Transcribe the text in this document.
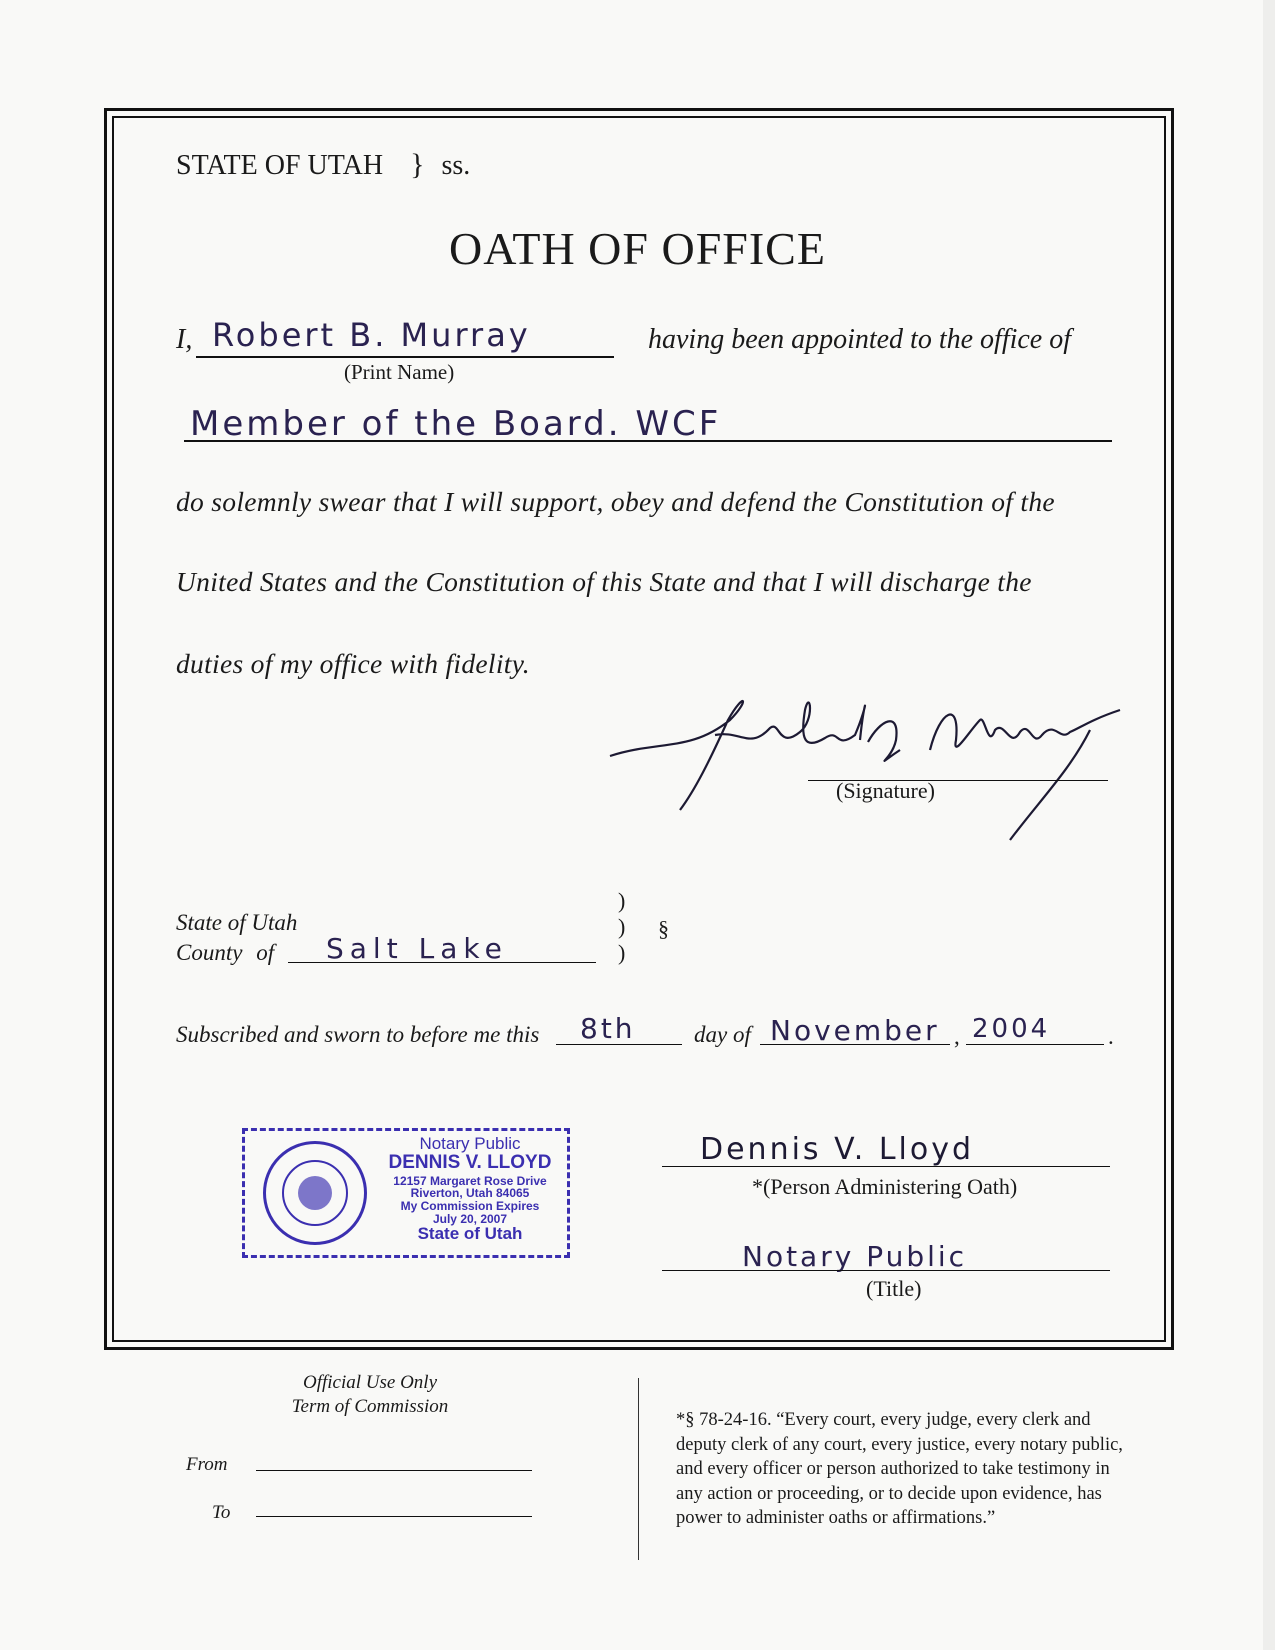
STATE OF UTAH } ss.
OATH OF OFFICE
I, Robert B. Murray
(Print Name)
having been appointed to the office of
Member of the Board. WCF
do solemnly swear that I will support, obey and defend the Constitution of the
United States and the Constitution of this State and that I will discharge the
duties of my office with fidelity.
(Signature)
State of Utah
County of Salt Lake
)
)
)
§
Subscribed and sworn to before me this 8th	day of November , 2004	.
Notary Public
DENNIS V. LLOYD
12157 Margaret Rose Drive
Riverton, Utah 84065
My Commission Expires
July 20, 2007
State of Utah
Dennis V. Lloyd
*(Person Administering Oath)
Notary Public
(Title)
Official Use Only
Term of Commission
From
To
*§ 78-24-16. “Every court, every judge, every clerk and
deputy clerk of any court, every justice, every notary public,
and every officer or person authorized to take testimony in
any action or proceeding, or to decide upon evidence, has
power to administer oaths or affirmations.”
